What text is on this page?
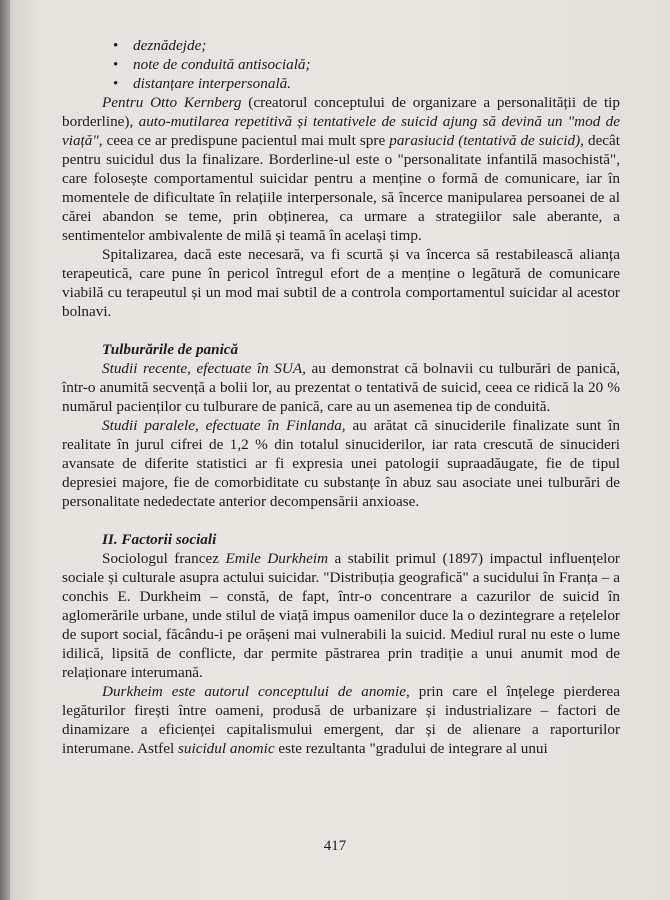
• deznădejde;
• note de conduită antisocială;
• distanțare interpersonală.

Pentru Otto Kernberg (creatorul conceptului de organizare a personalității de tip borderline), auto-mutilarea repetitivă și tentativele de suicid ajung să devină un "mod de viață", ceea ce ar predispune pacientul mai mult spre parasiucid (tentativă de suicid), decât pentru suicidul dus la finalizare. Borderline-ul este o "personalitate infantilă masochistă", care folosește comportamentul suicidar pentru a menține o formă de comunicare, iar în momentele de dificultate în relațiile interpersonale, să încerce manipularea persoanei de al cărei abandon se teme, prin obținerea, ca urmare a strategiilor sale aberante, a sentimentelor ambivalente de milă și teamă în același timp.

Spitalizarea, dacă este necesară, va fi scurtă și va încerca să restabilească alianța terapeutică, care pune în pericol întregul efort de a menține o legătură de comunicare viabilă cu terapeutul și un mod mai subtil de a controla comportamentul suicidar al acestor bolnavi.

Tulburările de panică

Studii recente, efectuate în SUA, au demonstrat că bolnavii cu tulburări de panică, într-o anumită secvență a bolii lor, au prezentat o tentativă de suicid, ceea ce ridică la 20 % numărul pacienților cu tulburare de panică, care au un asemenea tip de conduită.

Studii paralele, efectuate în Finlanda, au arătat că sinuciderile finalizate sunt în realitate în jurul cifrei de 1,2 % din totalul sinuciderilor, iar rata crescută de sinucideri avansate de diferite statistici ar fi expresia unei patologii supraadăugate, fie de tipul depresiei majore, fie de comorbiditate cu substanțe în abuz sau asociate unei tulburări de personalitate nededectate anterior decompensării anxioase.

II. Factorii sociali

Sociologul francez Emile Durkheim a stabilit primul (1897) impactul influențelor sociale și culturale asupra actului suicidar. "Distribuția geografică" a sucidului în Franța – a conchis E. Durkheim – constă, de fapt, într-o concentrare a cazurilor de suicid în aglomerările urbane, unde stilul de viață impus oamenilor duce la o dezintegrare a rețelelor de suport social, făcându-i pe orășeni mai vulnerabili la suicid. Mediul rural nu este o lume idilică, lipsită de conflicte, dar permite păstrarea prin tradiție a unui anumit mod de relaționare interumană.

Durkheim este autorul conceptului de anomie, prin care el înțelege pierderea legăturilor firești între oameni, produsă de urbanizare și industrializare – factori de dinamizare a eficienței capitalismului emergent, dar și de alienare a raporturilor interumane. Astfel suicidul anomic este rezultanta "gradului de integrare al unui

417
